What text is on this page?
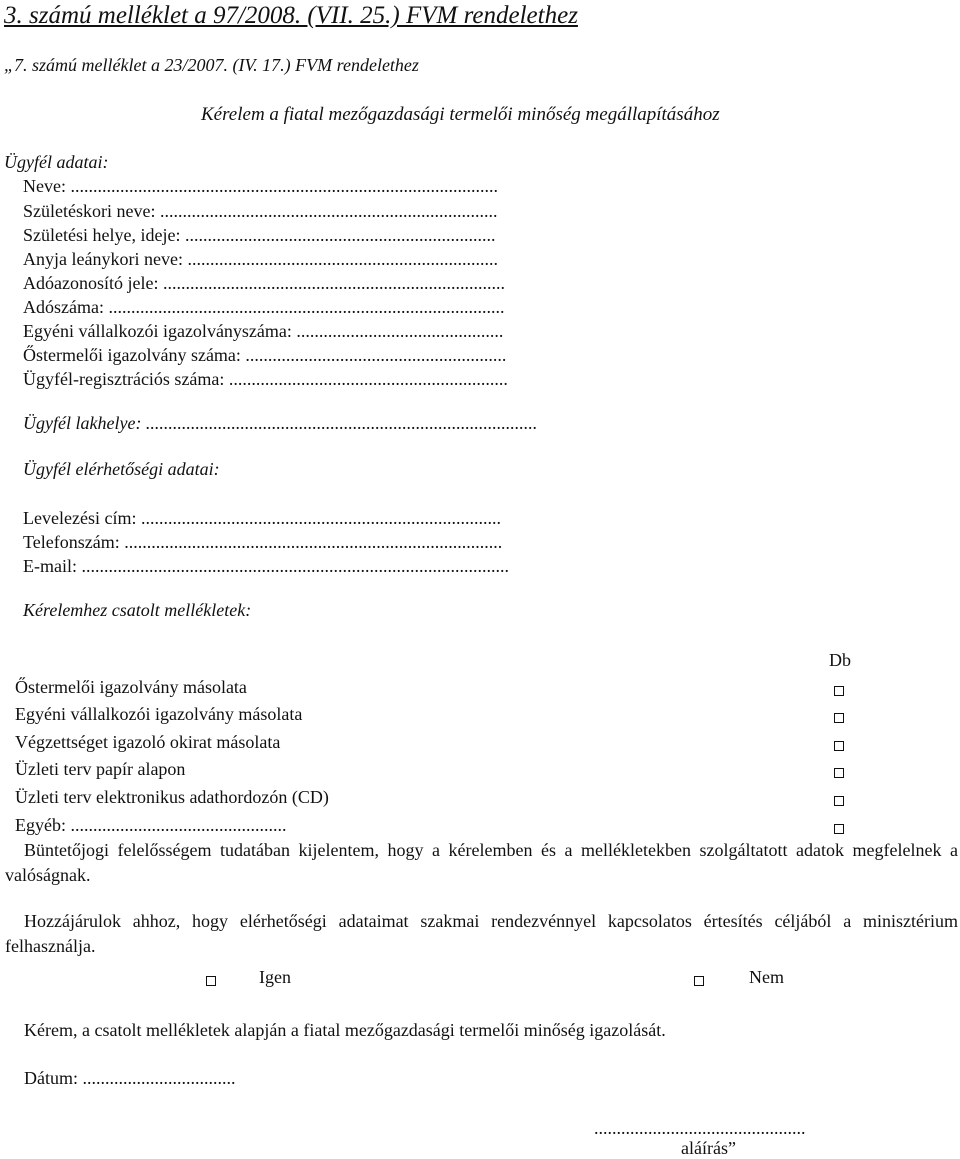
3. számú melléklet a 97/2008. (VII. 25.) FVM rendelethez
„7. számú melléklet a 23/2007. (IV. 17.) FVM rendelethez
Kérelem a fiatal mezőgazdasági termelői minőség megállapításához
Ügyfél adatai:
Neve: ...............................................................................................
Születéskori neve: ...........................................................................
Születési helye, ideje: .....................................................................
Anyja leánykori neve: .....................................................................
Adóazonosító jele: ............................................................................
Adószáma: ........................................................................................
Egyéni vállalkozói igazolványszáma: ..............................................
Őstermelői igazolvány száma: ..........................................................
Ügyfél-regisztrációs száma: ..............................................................
Ügyfél lakhelye: .......................................................................................
Ügyfél elérhetőségi adatai:
Levelezési cím: ................................................................................
Telefonszám: ....................................................................................
E-mail: ...............................................................................................
Kérelemhez csatolt mellékletek:
Db
Őstermelői igazolvány másolata
Egyéni vállalkozói igazolvány másolata
Végzettséget igazoló okirat másolata
Üzleti terv papír alapon
Üzleti terv elektronikus adathordozón (CD)
Egyéb: ................................................
Büntetőjogi felelősségem tudatában kijelentem, hogy a kérelemben és a mellékletekben szolgáltatott adatok megfelelnek a valóságnak.
Hozzájárulok ahhoz, hogy elérhetőségi adataimat szakmai rendezvénnyel kapcsolatos értesítés céljából a minisztérium felhasználja.
Igen	Nem
Kérem, a csatolt mellékletek alapján a fiatal mezőgazdasági termelői minőség igazolását.
Dátum: ..................................
...............................................
aláírás”
